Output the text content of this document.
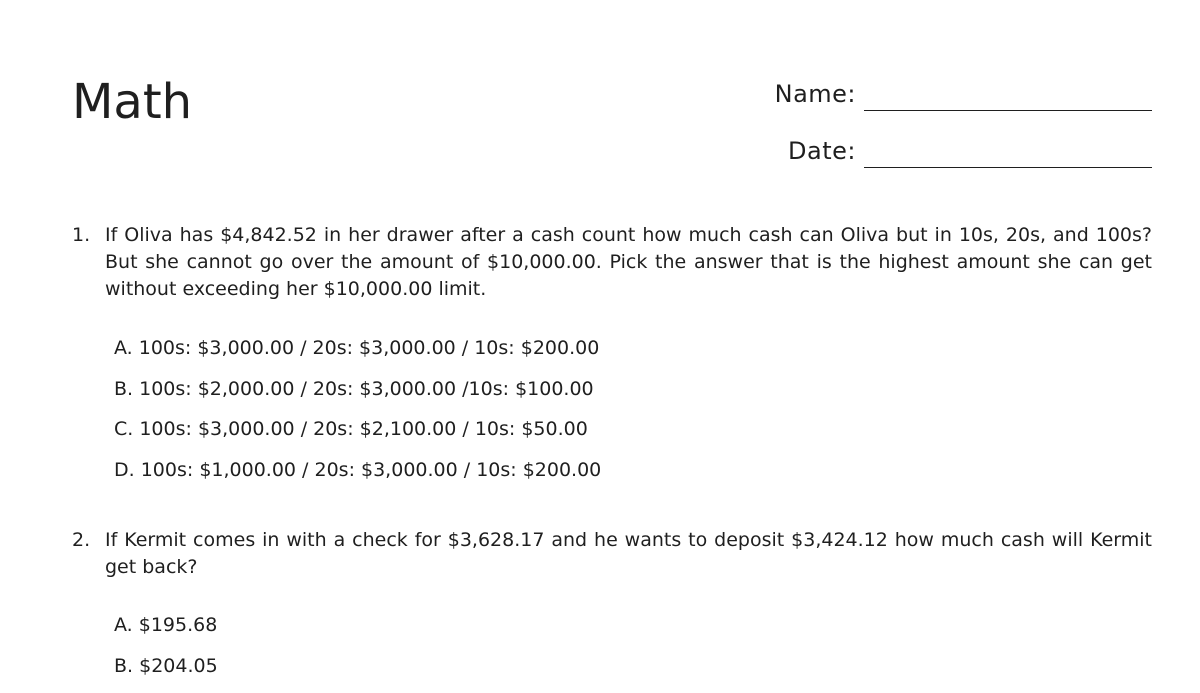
Math	Name:
Date:
1. If Oliva has $4,842.52 in her drawer after a cash count how much cash can Oliva but in 10s, 20s, and 100s? But she cannot go over the amount of $10,000.00. Pick the answer that is the highest amount she can get without exceeding her $10,000.00 limit.

A. 100s: $3,000.00 / 20s: $3,000.00 / 10s: $200.00
B. 100s: $2,000.00 / 20s: $3,000.00 /10s: $100.00
C. 100s: $3,000.00 / 20s: $2,100.00 / 10s: $50.00
D. 100s: $1,000.00 / 20s: $3,000.00 / 10s: $200.00
2. If Kermit comes in with a check for $3,628.17 and he wants to deposit $3,424.12 how much cash will Kermit get back?

A. $195.68
B. $204.05
